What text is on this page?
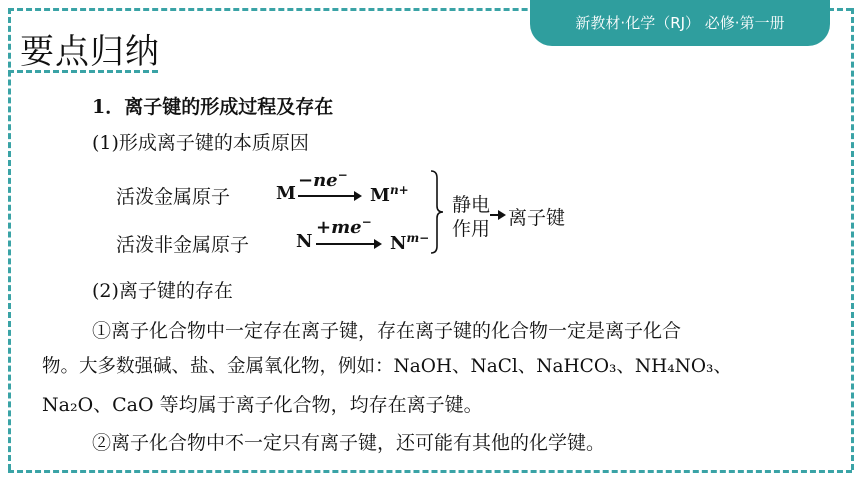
要点归纳
新教材·化学（RJ） 必修·第一册
1．离子键的形成过程及存在
(1)形成离子键的本质原因
活泼金属原子	M
−ne−
$M^{n+}$
活泼非金属原子	N
+me−
$N^{m-}$
静电
作用 离子键
(2)离子键的存在
①离子化合物中一定存在离子键，存在离子键的化合物一定是离子化合
物。大多数强碱、盐、金属氧化物，例如：NaOH、NaCl、NaHCO₃、NH₄NO₃、
Na₂O、CaO 等均属于离子化合物，均存在离子键。
②离子化合物中不一定只有离子键，还可能有其他的化学键。
